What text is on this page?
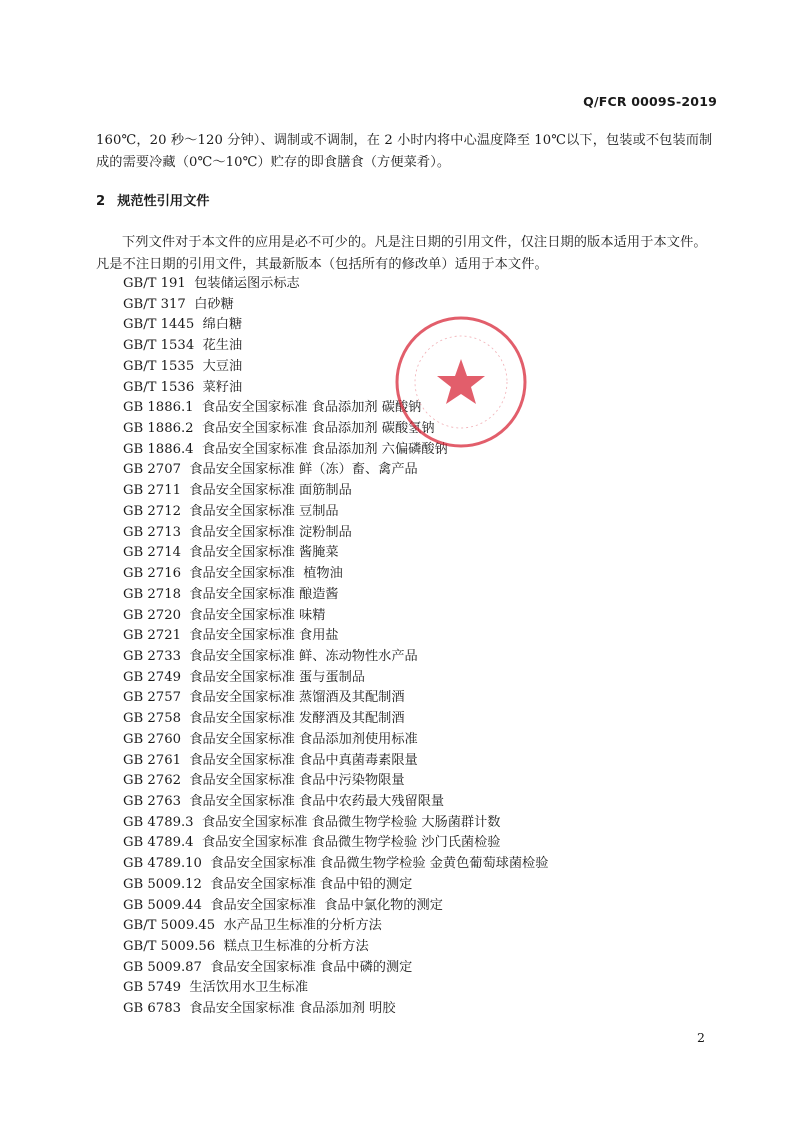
Q/FCR 0009S-2019
160℃，20 秒～120 分钟）、调制或不调制，在 2 小时内将中心温度降至 10℃以下，包装或不包装而制成的需要冷藏（0℃～10℃）贮存的即食膳食（方便菜肴）。
2 规范性引用文件
下列文件对于本文件的应用是必不可少的。凡是注日期的引用文件，仅注日期的版本适用于本文件。凡是不注日期的引用文件，其最新版本（包括所有的修改单）适用于本文件。
GB/T 191  包装储运图示标志
GB/T 317  白砂糖
GB/T 1445  绵白糖
GB/T 1534  花生油
GB/T 1535  大豆油
GB/T 1536  菜籽油
GB 1886.1  食品安全国家标准 食品添加剂 碳酸钠
GB 1886.2  食品安全国家标准 食品添加剂 碳酸氢钠
GB 1886.4  食品安全国家标准 食品添加剂 六偏磷酸钠
GB 2707  食品安全国家标准 鲜（冻）畜、禽产品
GB 2711  食品安全国家标准 面筋制品
GB 2712  食品安全国家标准 豆制品
GB 2713  食品安全国家标准 淀粉制品
GB 2714  食品安全国家标准 酱腌菜
GB 2716  食品安全国家标准  植物油
GB 2718  食品安全国家标准 酿造酱
GB 2720  食品安全国家标准 味精
GB 2721  食品安全国家标准 食用盐
GB 2733  食品安全国家标准 鲜、冻动物性水产品
GB 2749  食品安全国家标准 蛋与蛋制品
GB 2757  食品安全国家标准 蒸馏酒及其配制酒
GB 2758  食品安全国家标准 发酵酒及其配制酒
GB 2760  食品安全国家标准 食品添加剂使用标准
GB 2761  食品安全国家标准 食品中真菌毒素限量
GB 2762  食品安全国家标准 食品中污染物限量
GB 2763  食品安全国家标准 食品中农药最大残留限量
GB 4789.3  食品安全国家标准 食品微生物学检验 大肠菌群计数
GB 4789.4  食品安全国家标准 食品微生物学检验 沙门氏菌检验
GB 4789.10  食品安全国家标准 食品微生物学检验 金黄色葡萄球菌检验
GB 5009.12  食品安全国家标准 食品中铅的测定
GB 5009.44  食品安全国家标准  食品中氯化物的测定
GB/T 5009.45  水产品卫生标准的分析方法
GB/T 5009.56  糕点卫生标准的分析方法
GB 5009.87  食品安全国家标准 食品中磷的测定
GB 5749  生活饮用水卫生标准
GB 6783  食品安全国家标准 食品添加剂 明胶
2
